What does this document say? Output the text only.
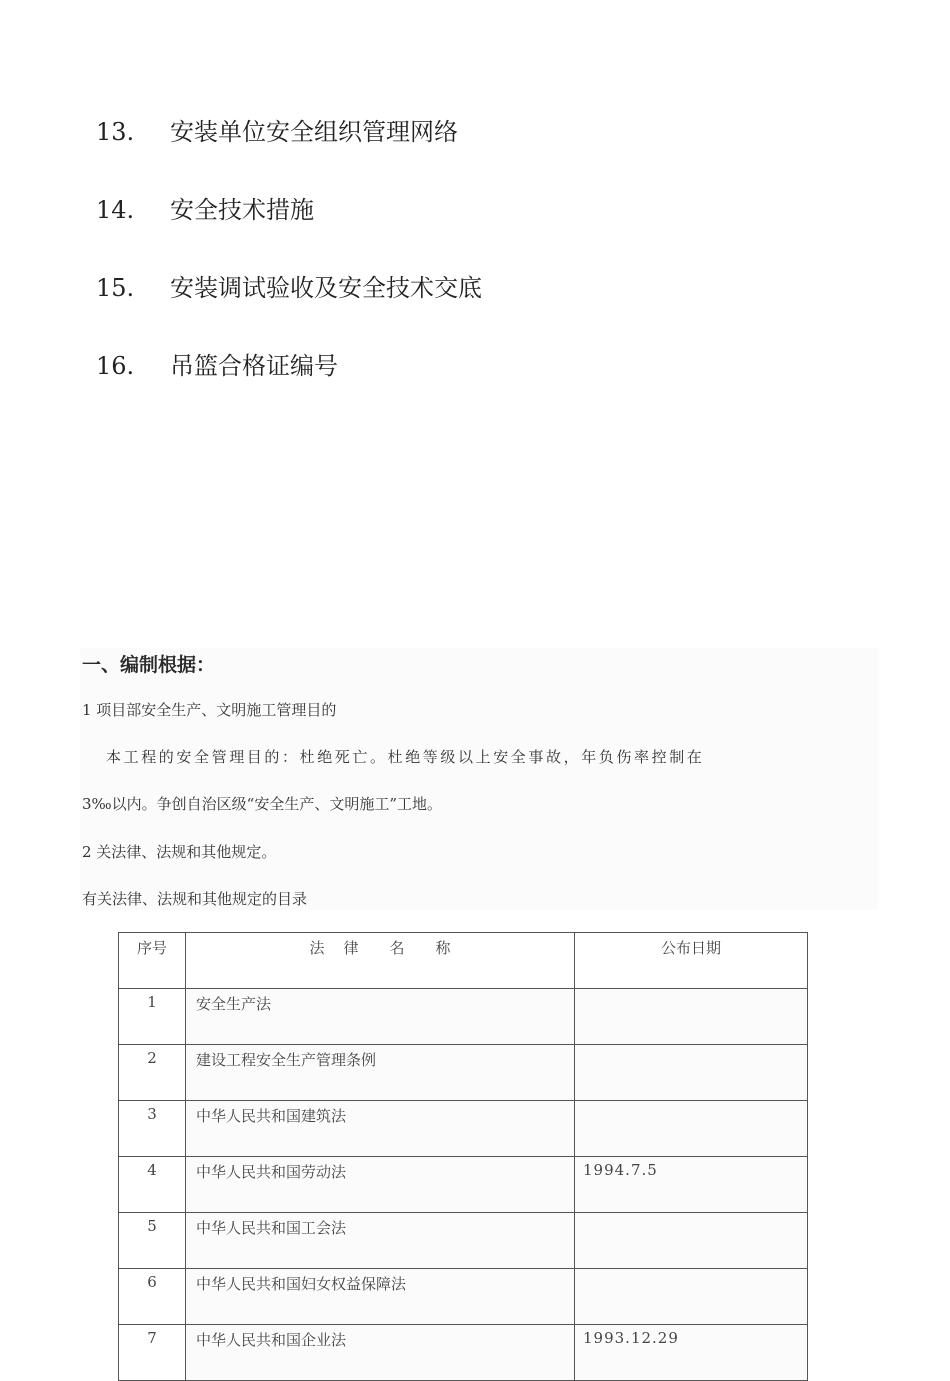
13.	安装单位安全组织管理网络
14.	安全技术措施
15.	安装调试验收及安全技术交底
16.	吊篮合格证编号
一、编制根据：
1 项目部安全生产、文明施工管理目的
本工程的安全管理目的：杜绝死亡。杜绝等级以上安全事故，年负伤率控制在
3‰以内。争创自治区级“安全生产、文明施工”工地。
2 关法律、法规和其他规定。
有关法律、法规和其他规定的目录
序号	法 律 名 称	公布日期
1	安全生产法	
2	建设工程安全生产管理条例	
3	中华人民共和国建筑法	
4	中华人民共和国劳动法	1994.7.5
5	中华人民共和国工会法	
6	中华人民共和国妇女权益保障法	
7	中华人民共和国企业法	1993.12.29
